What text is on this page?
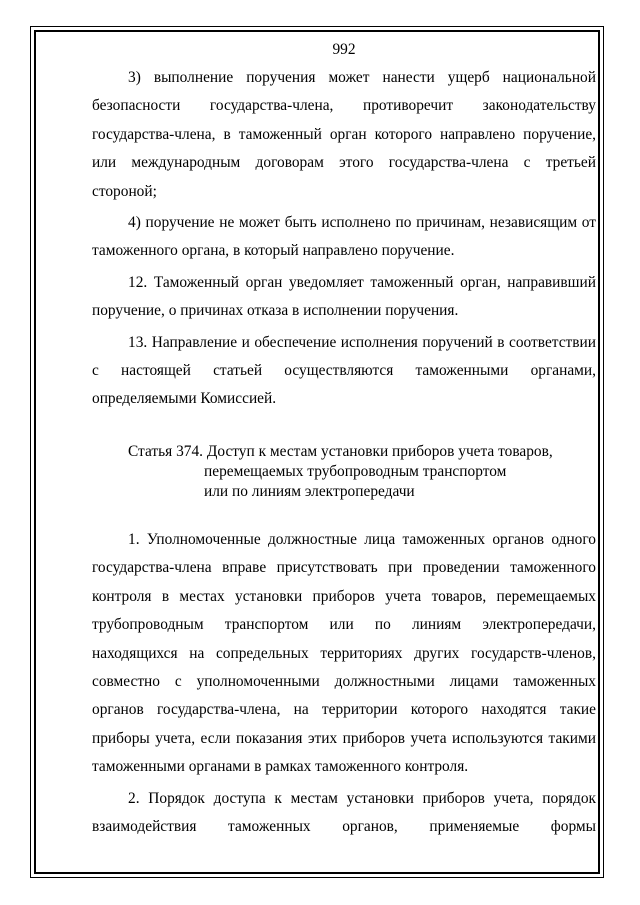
992

3) выполнение поручения может нанести ущерб национальной безопасности государства-члена, противоречит законодательству государства-члена, в таможенный орган которого направлено поручение, или международным договорам этого государства-члена с третьей стороной;

4) поручение не может быть исполнено по причинам, независящим от таможенного органа, в который направлено поручение.

12. Таможенный орган уведомляет таможенный орган, направивший поручение, о причинах отказа в исполнении поручения.

13. Направление и обеспечение исполнения поручений в соответствии с настоящей статьей осуществляются таможенными органами, определяемыми Комиссией.

Статья 374. Доступ к местам установки приборов учета товаров,
перемещаемых трубопроводным транспортом
или по линиям электропередачи

1. Уполномоченные должностные лица таможенных органов одного государства-члена вправе присутствовать при проведении таможенного контроля в местах установки приборов учета товаров, перемещаемых трубопроводным транспортом или по линиям электропередачи, находящихся на сопредельных территориях других государств-членов, совместно с уполномоченными должностными лицами таможенных органов государства-члена, на территории которого находятся такие приборы учета, если показания этих приборов учета используются такими таможенными органами в рамках таможенного контроля.

2. Порядок доступа к местам установки приборов учета, порядок взаимодействия таможенных органов, применяемые формы
